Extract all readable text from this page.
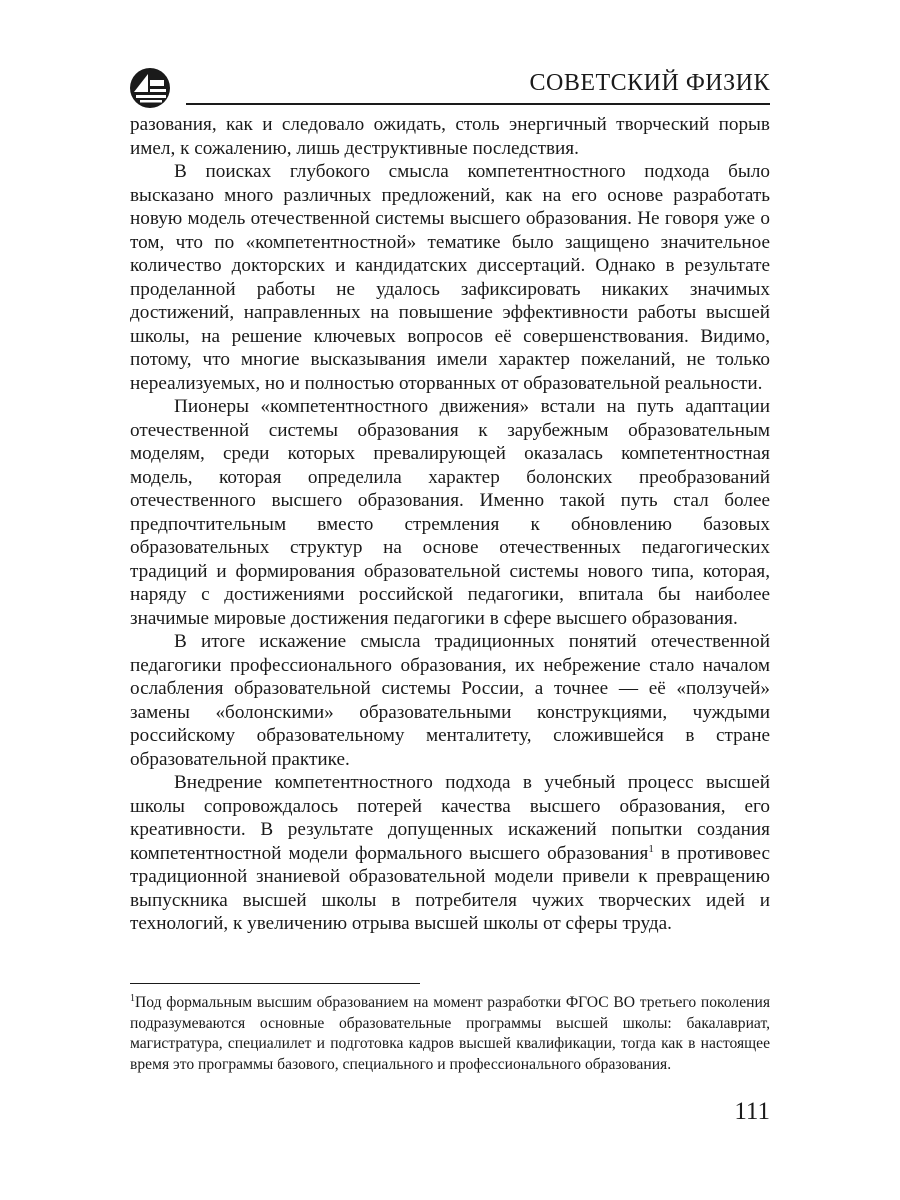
СОВЕТСКИЙ ФИЗИК

разования, как и следовало ожидать, столь энергичный творческий порыв имел, к сожалению, лишь деструктивные последствия.

В поисках глубокого смысла компетентностного подхода было высказано много различных предложений, как на его основе разработать новую модель отечественной системы высшего образования. Не говоря уже о том, что по «компетентностной» тематике было защищено значительное количество докторских и кандидатских диссертаций. Однако в результате проделанной работы не удалось зафиксировать никаких значимых достижений, направленных на повышение эффективности работы высшей школы, на решение ключевых вопросов её совершенствования. Видимо, потому, что многие высказывания имели характер пожеланий, не только нереализуемых, но и полностью оторванных от образовательной реальности.

Пионеры «компетентностного движения» встали на путь адаптации отечественной системы образования к зарубежным образовательным моделям, среди которых превалирующей оказалась компетентностная модель, которая определила характер болонских преобразований отечественного высшего образования. Именно такой путь стал более предпочтительным вместо стремления к обновлению базовых образовательных структур на основе отечественных педагогических традиций и формирования образовательной системы нового типа, которая, наряду с достижениями российской педагогики, впитала бы наиболее значимые мировые достижения педагогики в сфере высшего образования.

В итоге искажение смысла традиционных понятий отечественной педагогики профессионального образования, их небрежение стало началом ослабления образовательной системы России, а точнее — её «ползучей» замены «болонскими» образовательными конструкциями, чуждыми российскому образовательному менталитету, сложившейся в стране образовательной практике.

Внедрение компетентностного подхода в учебный процесс высшей школы сопровождалось потерей качества высшего образования, его креативности. В результате допущенных искажений попытки создания компетентностной модели формального высшего образования$^1$ в противовес традиционной знаниевой образовательной модели привели к превращению выпускника высшей школы в потребителя чужих творческих идей и технологий, к увеличению отрыва высшей школы от сферы труда.

$^1$Под формальным высшим образованием на момент разработки ФГОС ВО третьего поколения подразумеваются основные образовательные программы высшей школы: бакалавриат, магистратура, специалилет и подготовка кадров высшей квалификации, тогда как в настоящее время это программы базового, специального и профессионального образования.
111
